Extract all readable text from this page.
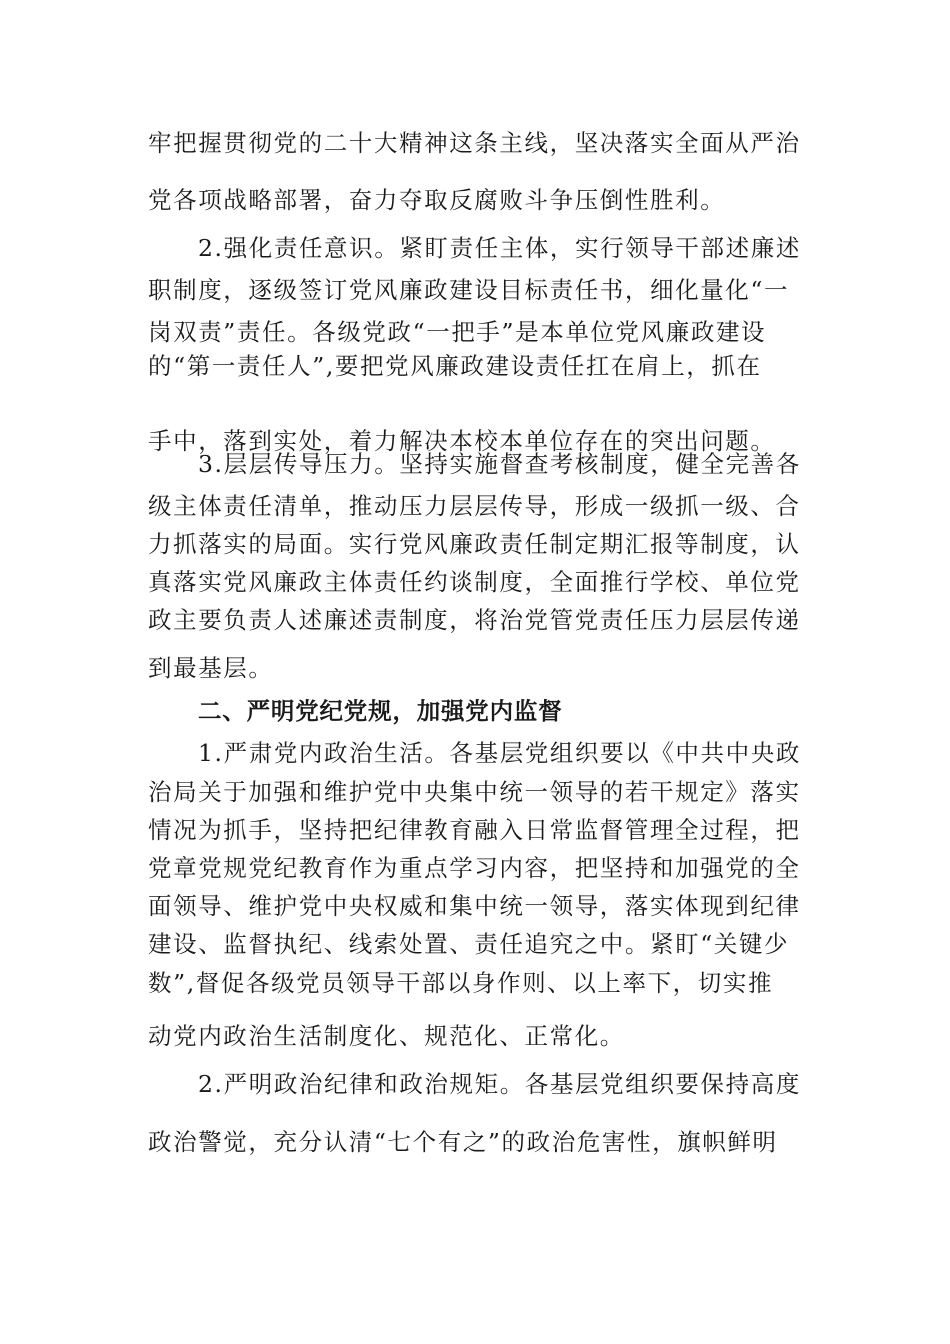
牢把握贯彻党的二十大精神这条主线，坚决落实全面从严治
党各项战略部署，奋力夺取反腐败斗争压倒性胜利。
2.强化责任意识。紧盯责任主体，实行领导干部述廉述
职制度，逐级签订党风廉政建设目标责任书，细化量化“一
岗双责”责任。各级党政“一把手”是本单位党风廉政建设
的“第一责任人”,要把党风廉政建设责任扛在肩上，抓在
手中，落到实处，着力解决本校本单位存在的突出问题。
3.层层传导压力。坚持实施督查考核制度，健全完善各
级主体责任清单，推动压力层层传导，形成一级抓一级、合
力抓落实的局面。实行党风廉政责任制定期汇报等制度，认
真落实党风廉政主体责任约谈制度，全面推行学校、单位党
政主要负责人述廉述责制度，将治党管党责任压力层层传递
到最基层。
二、严明党纪党规，加强党内监督
1.严肃党内政治生活。各基层党组织要以《中共中央政
治局关于加强和维护党中央集中统一领导的若干规定》落实
情况为抓手，坚持把纪律教育融入日常监督管理全过程，把
党章党规党纪教育作为重点学习内容，把坚持和加强党的全
面领导、维护党中央权威和集中统一领导，落实体现到纪律
建设、监督执纪、线索处置、责任追究之中。紧盯“关键少
数”,督促各级党员领导干部以身作则、以上率下，切实推
动党内政治生活制度化、规范化、正常化。
2.严明政治纪律和政治规矩。各基层党组织要保持高度
政治警觉，充分认清“七个有之”的政治危害性，旗帜鲜明
